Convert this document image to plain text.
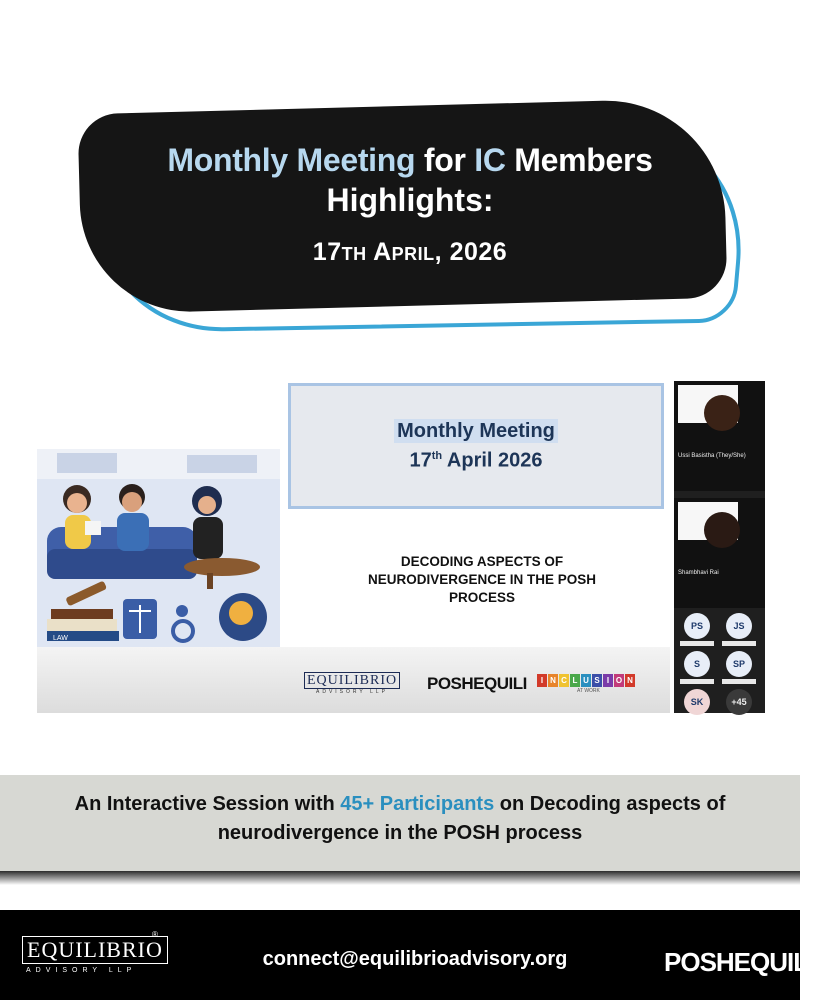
Monthly Meeting for IC Members
Highlights:
17th April, 2026
LAW
Monthly Meeting
17th April 2026
DECODING ASPECTS OF NEURODIVERGENCE IN THE POSH PROCESS
EQUILIBRIO
ADVISORY LLP	POSHEQUILI	I N C L U S I O N
AT WORK
Ussi Basistha (They/She)
Shambhavi Rai
PS	JS
S	SP
SK	+45
An Interactive Session with 45+ Participants on Decoding aspects of neurodivergence in the POSH process
®
EQUILIBRIO
ADVISORY LLP
connect@equilibrioadvisory.org	POSHEQUILI
®
